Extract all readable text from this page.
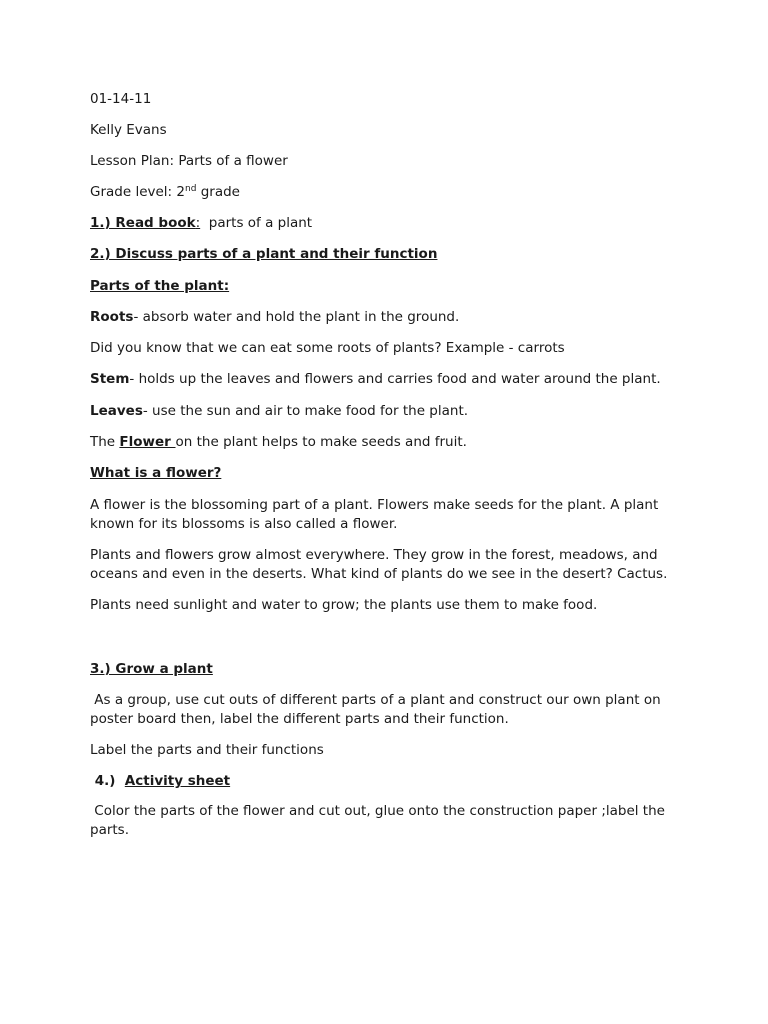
01-14-11
Kelly Evans
Lesson Plan: Parts of a flower
Grade level: 2nd grade
1.) Read book:  parts of a plant
2.) Discuss parts of a plant and their function
Parts of the plant:
Roots- absorb water and hold the plant in the ground.
Did you know that we can eat some roots of plants? Example - carrots
Stem- holds up the leaves and flowers and carries food and water around the plant.
Leaves- use the sun and air to make food for the plant.
The Flower on the plant helps to make seeds and fruit.
What is a flower?
A flower is the blossoming part of a plant. Flowers make seeds for the plant. A plant known for its blossoms is also called a flower.
Plants and flowers grow almost everywhere. They grow in the forest, meadows, and oceans and even in the deserts. What kind of plants do we see in the desert? Cactus.
Plants need sunlight and water to grow; the plants use them to make food.
3.) Grow a plant
As a group, use cut outs of different parts of a plant and construct our own plant on poster board then, label the different parts and their function.
Label the parts and their functions
4.)  Activity sheet
Color the parts of the flower and cut out, glue onto the construction paper ;label the parts.
